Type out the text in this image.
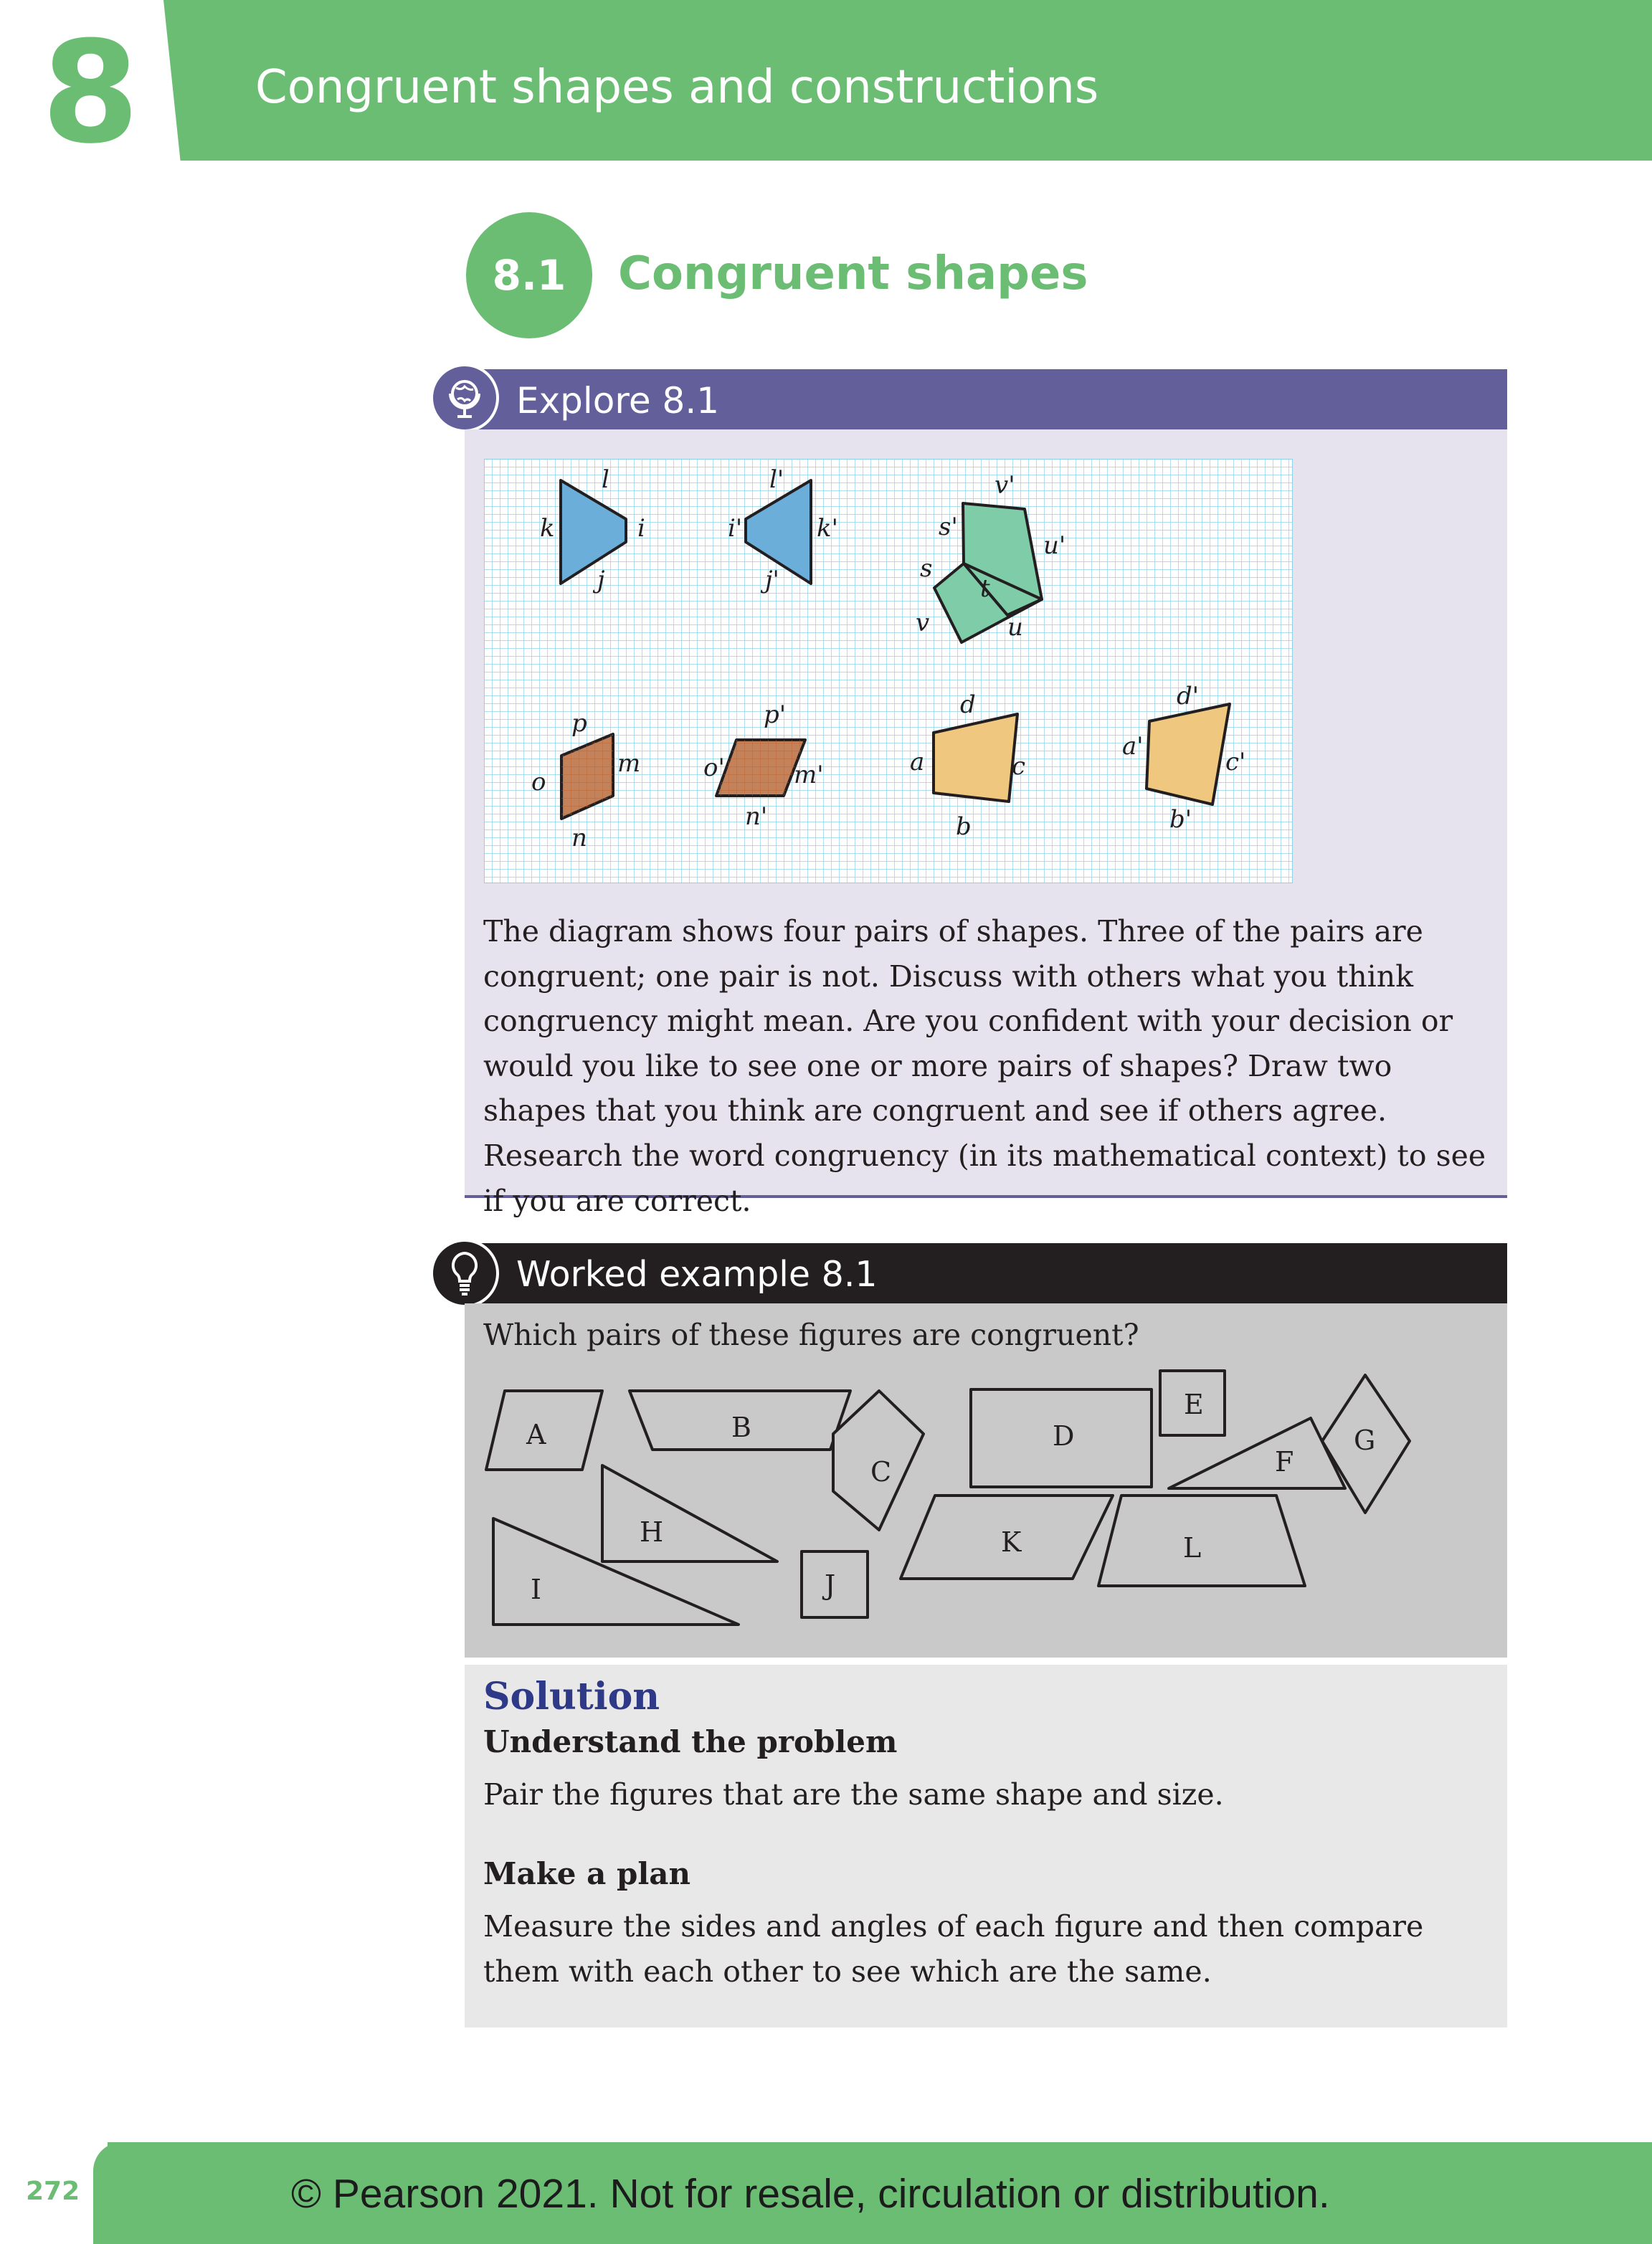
8	Congruent shapes and constructions
8.1	Congruent shapes
Explore 8.1
l
k	i
j
l'
i'	k'
j'
v'
s'
u'
s
t
v	u
p
m
o
n
p'
o'	m'
n'
d
a	c
b
d'
a'
c'
b'

The diagram shows four pairs of shapes. Three of the pairs are congruent; one pair is not. Discuss with others what you think congruency might mean. Are you confident with your decision or would you like to see one or more pairs of shapes? Draw two shapes that you think are congruent and see if others agree. Research the word congruency (in its mathematical context) to see if you are correct.

Worked example 8.1
Which pairs of these figures are congruent?
A	B
C
D
E
F
G
H
I	J
K	L
Solution
Understand the problem

Pair the figures that are the same shape and size.

Make a plan

Measure the sides and angles of each figure and then compare them with each other to see which are the same.

272	© Pearson 2021. Not for resale, circulation or distribution.
